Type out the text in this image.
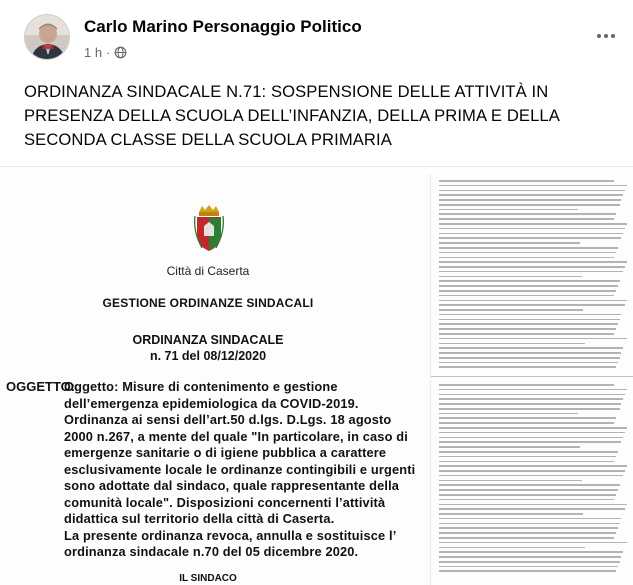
Carlo Marino Personaggio Politico
1 h ·
ORDINANZA SINDACALE N.71: SOSPENSIONE DELLE ATTIVITÀ IN PRESENZA DELLA SCUOLA DELL’INFANZIA, DELLA PRIMA E DELLA SECONDA CLASSE DELLA SCUOLA PRIMARIA
Città di Caserta
GESTIONE ORDINANZE SINDACALI
ORDINANZA SINDACALE
n. 71 del 08/12/2020
OGGETTO:
Oggetto: Misure di contenimento e gestione dell’emergenza epidemiologica da COVID-2019. Ordinanza ai sensi dell’art.50 d.lgs. D.Lgs. 18 agosto 2000 n.267, a mente del quale "In particolare, in caso di emergenze sanitarie o di igiene pubblica a carattere esclusivamente locale le ordinanze contingibili e urgenti sono adottate dal sindaco, quale rappresentante della comunità locale". Disposizioni concernenti l’attività didattica sul territorio della città di Caserta.
La presente ordinanza revoca, annulla e sostituisce l’ ordinanza sindacale n.70 del 05 dicembre 2020.
IL SINDACO
